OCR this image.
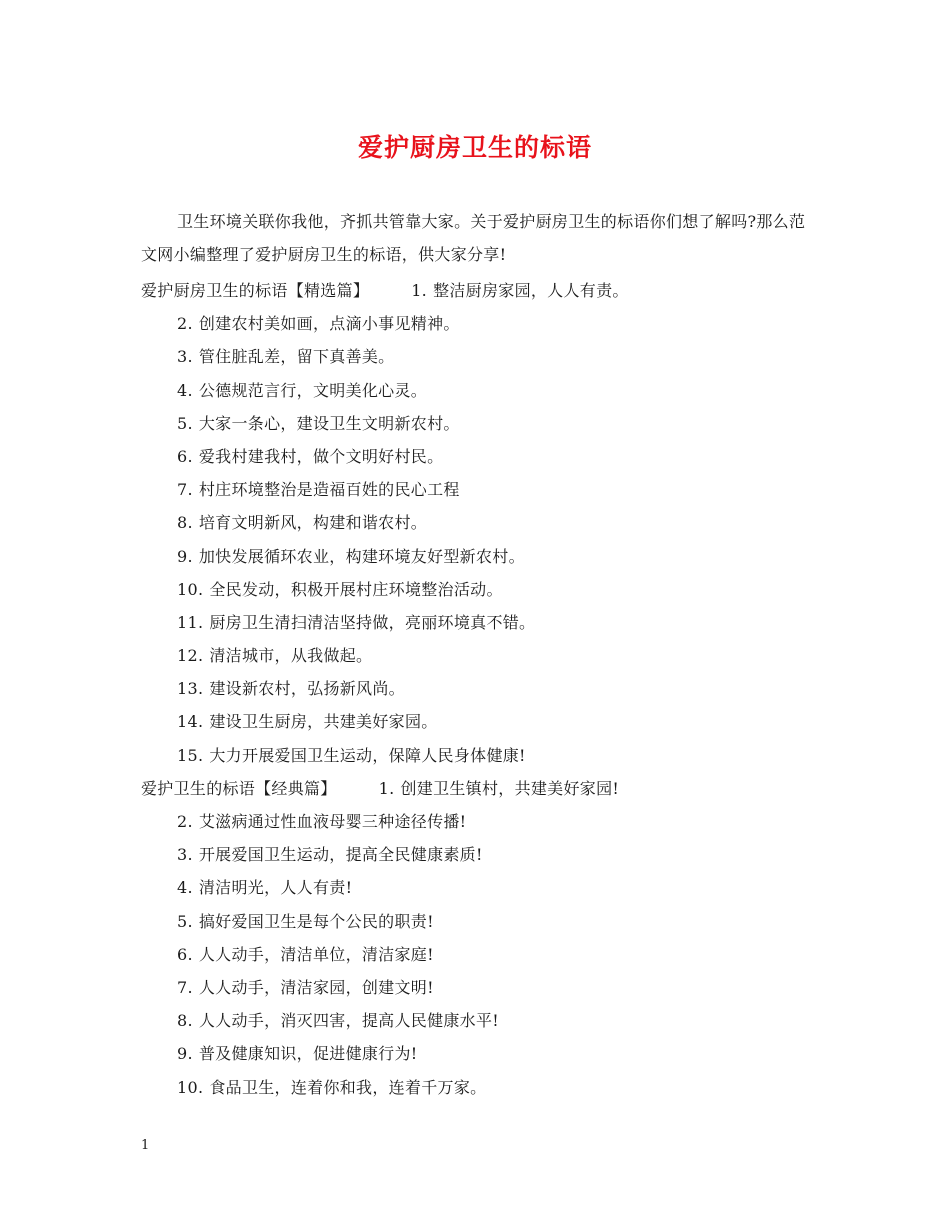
爱护厨房卫生的标语
卫生环境关联你我他，齐抓共管靠大家。关于爱护厨房卫生的标语你们想了解吗?那么范文网小编整理了爱护厨房卫生的标语，供大家分享!
爱护厨房卫生的标语【精选篇】	1. 整洁厨房家园，人人有责。
2. 创建农村美如画，点滴小事见精神。
3. 管住脏乱差，留下真善美。
4. 公德规范言行，文明美化心灵。
5. 大家一条心，建设卫生文明新农村。
6. 爱我村建我村，做个文明好村民。
7. 村庄环境整治是造福百姓的民心工程
8. 培育文明新风，构建和谐农村。
9. 加快发展循环农业，构建环境友好型新农村。
10. 全民发动，积极开展村庄环境整治活动。
11. 厨房卫生清扫清洁坚持做，亮丽环境真不错。
12. 清洁城市，从我做起。
13. 建设新农村，弘扬新风尚。
14. 建设卫生厨房，共建美好家园。
15. 大力开展爱国卫生运动，保障人民身体健康!
爱护卫生的标语【经典篇】	1. 创建卫生镇村，共建美好家园!
2. 艾滋病通过性血液母婴三种途径传播!
3. 开展爱国卫生运动，提高全民健康素质!
4. 清洁明光，人人有责!
5. 搞好爱国卫生是每个公民的职责!
6. 人人动手，清洁单位，清洁家庭!
7. 人人动手，清洁家园，创建文明!
8. 人人动手，消灭四害，提高人民健康水平!
9. 普及健康知识，促进健康行为!
10. 食品卫生，连着你和我，连着千万家。
1
